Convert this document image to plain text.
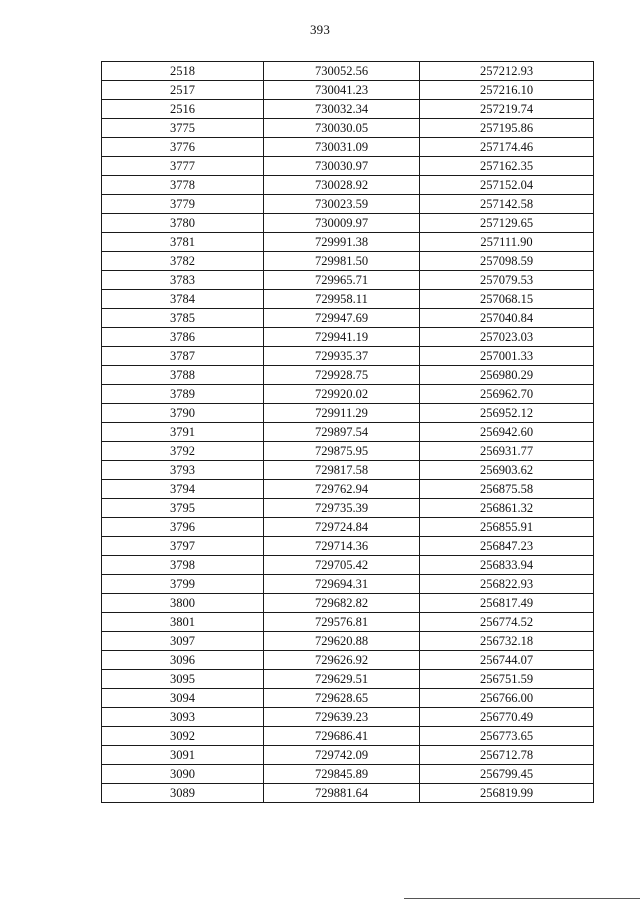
393
2518	730052.56	257212.93
2517	730041.23	257216.10
2516	730032.34	257219.74
3775	730030.05	257195.86
3776	730031.09	257174.46
3777	730030.97	257162.35
3778	730028.92	257152.04
3779	730023.59	257142.58
3780	730009.97	257129.65
3781	729991.38	257111.90
3782	729981.50	257098.59
3783	729965.71	257079.53
3784	729958.11	257068.15
3785	729947.69	257040.84
3786	729941.19	257023.03
3787	729935.37	257001.33
3788	729928.75	256980.29
3789	729920.02	256962.70
3790	729911.29	256952.12
3791	729897.54	256942.60
3792	729875.95	256931.77
3793	729817.58	256903.62
3794	729762.94	256875.58
3795	729735.39	256861.32
3796	729724.84	256855.91
3797	729714.36	256847.23
3798	729705.42	256833.94
3799	729694.31	256822.93
3800	729682.82	256817.49
3801	729576.81	256774.52
3097	729620.88	256732.18
3096	729626.92	256744.07
3095	729629.51	256751.59
3094	729628.65	256766.00
3093	729639.23	256770.49
3092	729686.41	256773.65
3091	729742.09	256712.78
3090	729845.89	256799.45
3089	729881.64	256819.99
